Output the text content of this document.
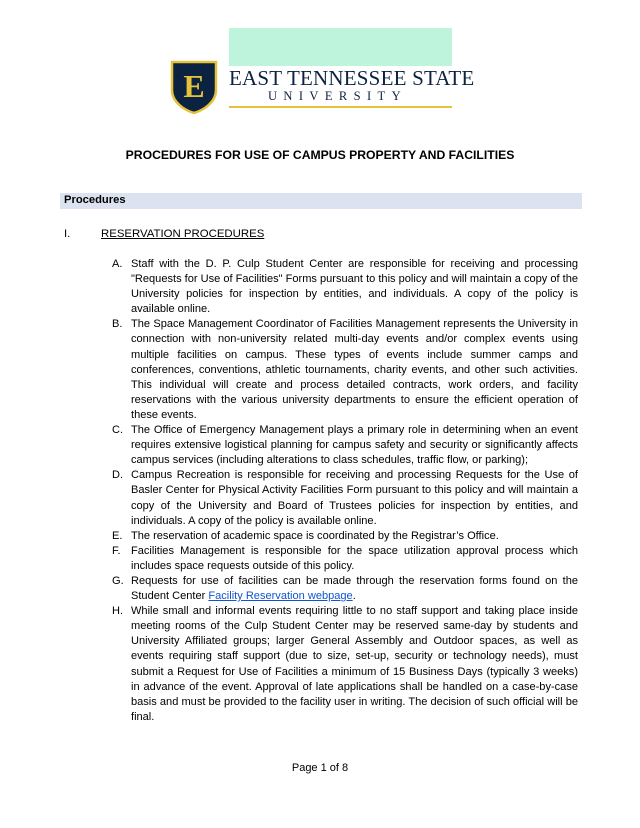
E EAST TENNESSEE STATE
UNIVERSITY
PROCEDURES FOR USE OF CAMPUS PROPERTY AND FACILITIES
Procedures
I.	RESERVATION PROCEDURES
A. Staff with the D. P. Culp Student Center are responsible for receiving and processing "Requests for Use of Facilities" Forms pursuant to this policy and will maintain a copy of the University policies for inspection by entities, and individuals. A copy of the policy is available online.
B. The Space Management Coordinator of Facilities Management represents the University in connection with non-university related multi-day events and/or complex events using multiple facilities on campus. These types of events include summer camps and conferences, conventions, athletic tournaments, charity events, and other such activities. This individual will create and process detailed contracts, work orders, and facility reservations with the various university departments to ensure the efficient operation of these events.
C. The Office of Emergency Management plays a primary role in determining when an event requires extensive logistical planning for campus safety and security or significantly affects campus services (including alterations to class schedules, traffic flow, or parking);
D. Campus Recreation is responsible for receiving and processing Requests for the Use of Basler Center for Physical Activity Facilities Form pursuant to this policy and will maintain a copy of the University and Board of Trustees policies for inspection by entities, and individuals. A copy of the policy is available online.
E. The reservation of academic space is coordinated by the Registrar’s Office.
F. Facilities Management is responsible for the space utilization approval process which includes space requests outside of this policy.
G. Requests for use of facilities can be made through the reservation forms found on the Student Center Facility Reservation webpage.
H. While small and informal events requiring little to no staff support and taking place inside meeting rooms of the Culp Student Center may be reserved same-day by students and University Affiliated groups; larger General Assembly and Outdoor spaces, as well as events requiring staff support (due to size, set-up, security or technology needs), must submit a Request for Use of Facilities a minimum of 15 Business Days (typically 3 weeks) in advance of the event. Approval of late applications shall be handled on a case-by-case basis and must be provided to the facility user in writing. The decision of such official will be final.
Page 1 of 8
